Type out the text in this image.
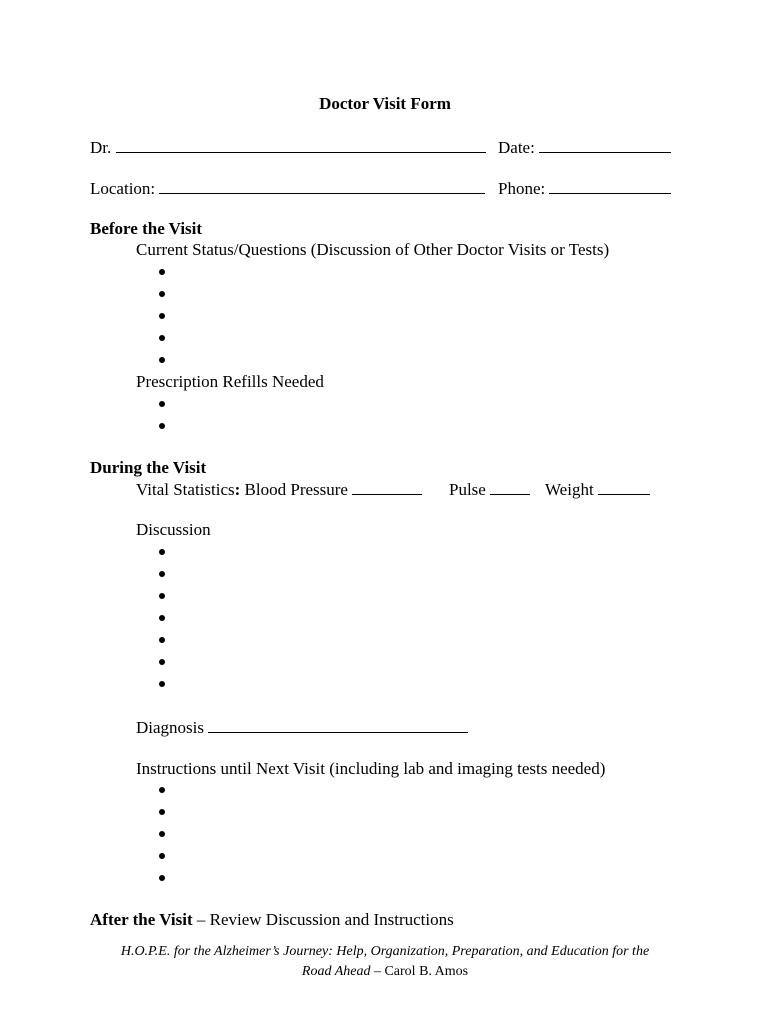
Doctor Visit Form
Dr.	Date:
Location:	Phone:
Before the Visit
Current Status/Questions (Discussion of Other Doctor Visits or Tests)
Prescription Refills Needed
During the Visit
Vital Statistics: Blood Pressure	Pulse	Weight
Discussion
Diagnosis
Instructions until Next Visit (including lab and imaging tests needed)
After the Visit – Review Discussion and Instructions
H.O.P.E. for the Alzheimer’s Journey: Help, Organization, Preparation, and Education for the
Road Ahead – Carol B. Amos
